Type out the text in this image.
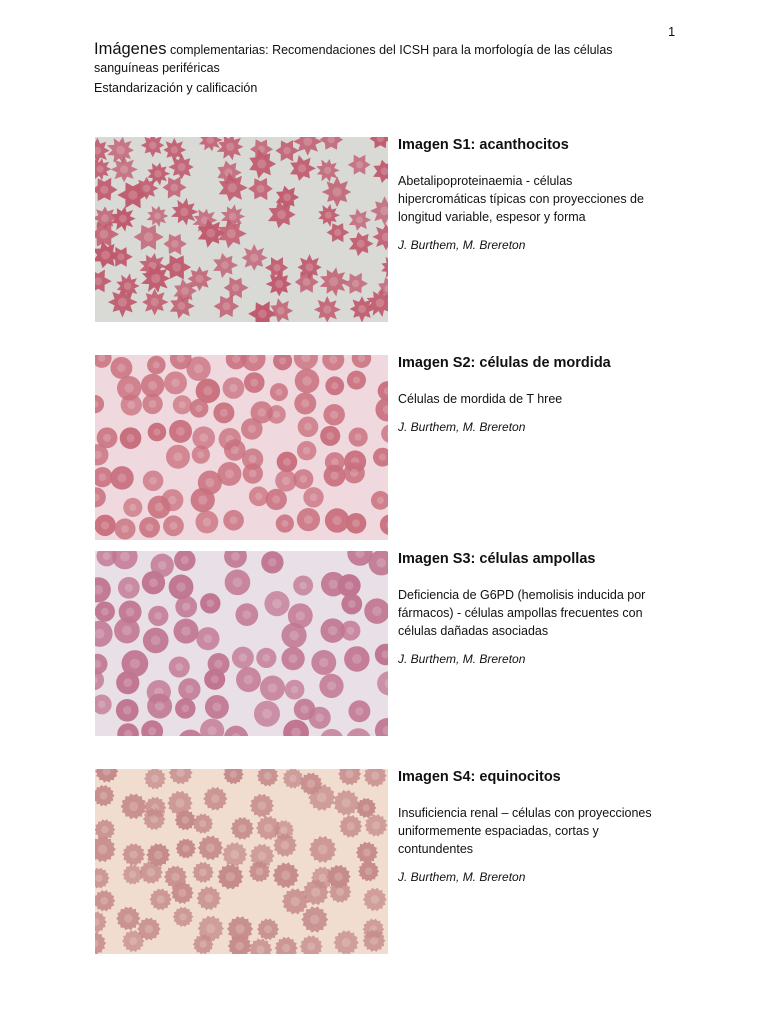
1
Imágenes complementarias: Recomendaciones del ICSH para la morfología de las células
sanguíneas periféricas
Estandarización y calificación
Imagen S1: acanthocitos
Abetalipoproteinaemia - células hipercromáticas típicas con proyecciones de longitud variable, espesor y forma
J. Burthem, M. Brereton
Imagen S2: células de mordida
Células de mordida de T hree
J. Burthem, M. Brereton
Imagen S3: células ampollas
Deficiencia de G6PD (hemolisis inducida por fármacos) - células ampollas frecuentes con células dañadas asociadas
J. Burthem, M. Brereton
Imagen S4: equinocitos
Insuficiencia renal – células con proyecciones uniformemente espaciadas, cortas y contundentes
J. Burthem, M. Brereton
